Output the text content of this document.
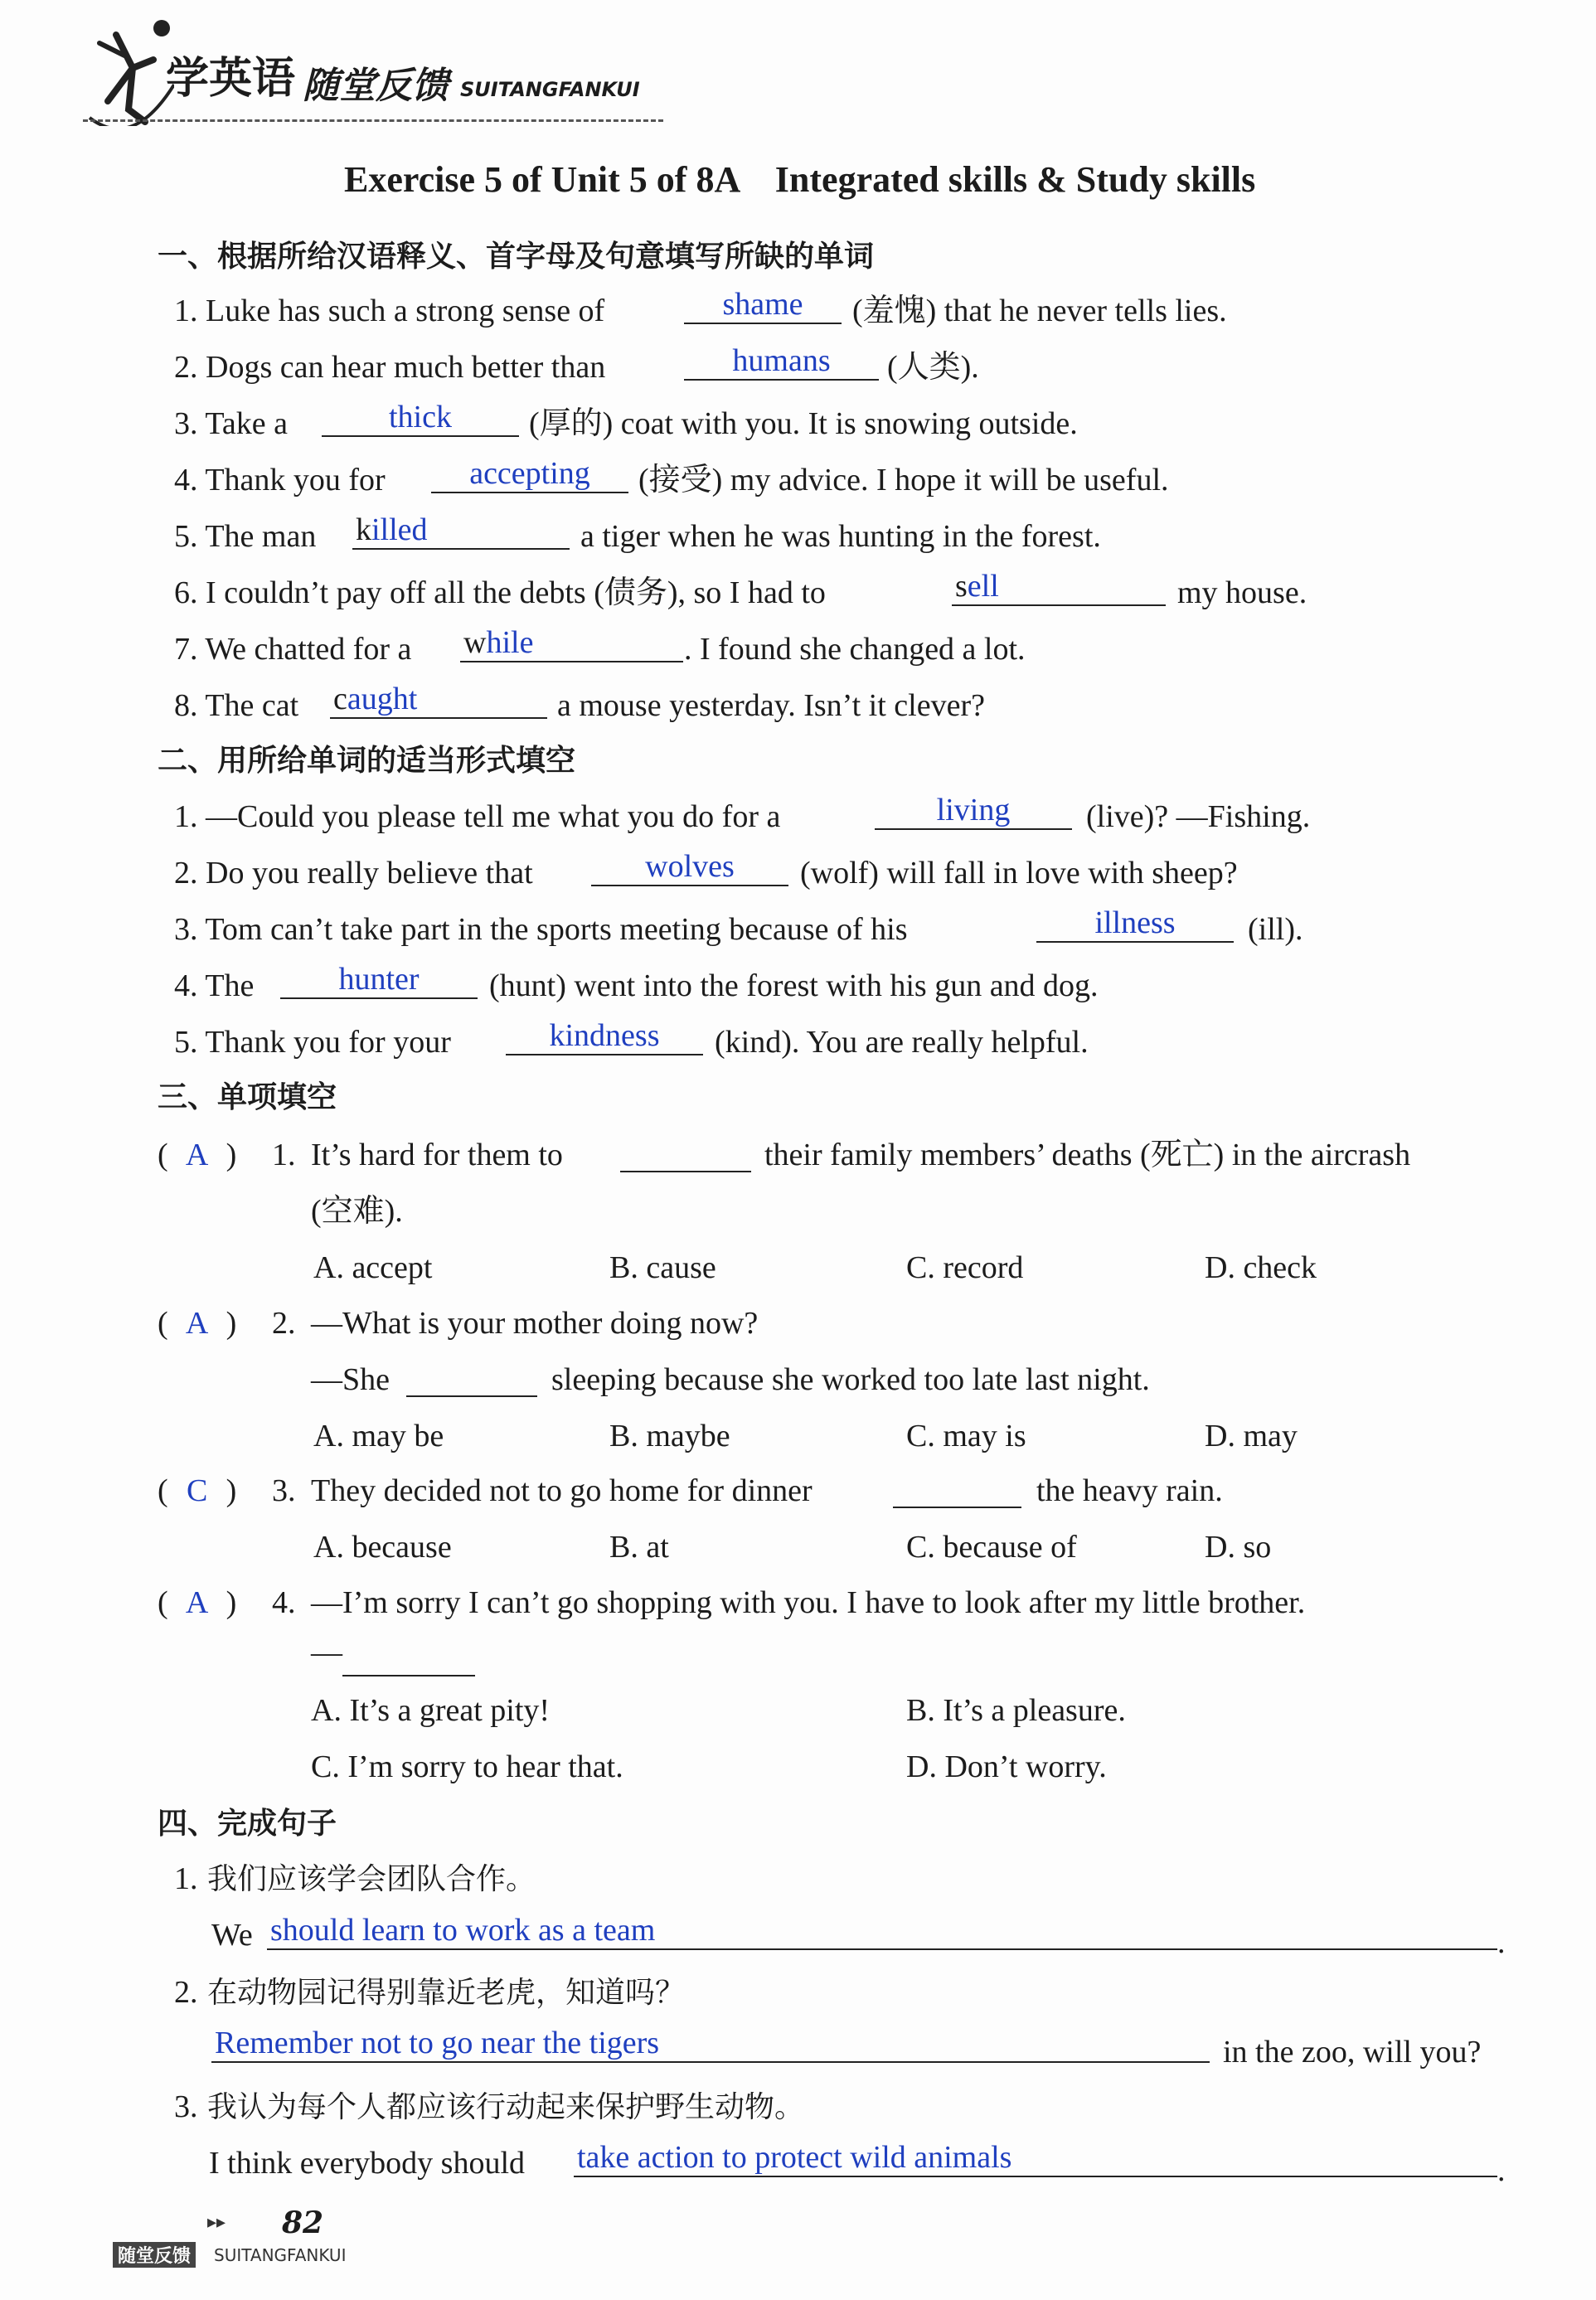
学英语 随堂反馈 SUITANGFANKUI
Exercise 5 of Unit 5 of 8A    Integrated skills & Study skills
一、根据所给汉语释义、首字母及句意填写所缺的单词
1. Luke has such a strong sense of	shame	(羞愧) that he never tells lies.
2. Dogs can hear much better than	humans	(人类).
3. Take a	thick	(厚的) coat with you. It is snowing outside.
4. Thank you for	accepting	(接受) my advice. I hope it will be useful.
5. The man killed	a tiger when he was hunting in the forest.
6. I couldn’t pay off all the debts (债务), so I had to	sell	my house.
7. We chatted for a while	. I found she changed a lot.
8. The cat caught	a mouse yesterday. Isn’t it clever?
二、用所给单词的适当形式填空
1. —Could you please tell me what you do for a	living	(live)? —Fishing.
2. Do you really believe that	wolves	(wolf) will fall in love with sheep?
3. Tom can’t take part in the sports meeting because of his	illness	(ill).
4. The	hunter	(hunt) went into the forest with his gun and dog.
5. Thank you for your	kindness	(kind). You are really helpful.
三、单项填空
( A ) 1. It’s hard for them to	their family members’ deaths (死亡) in the aircrash
(空难).
A. accept	B. cause	C. record	D. check
( A ) 2. —What is your mother doing now?
—She	sleeping because she worked too late last night.
A. may be	B. maybe	C. may is	D. may
( C ) 3. They decided not to go home for dinner	the heavy rain.
A. because	B. at	C. because of	D. so
( A ) 4. —I’m sorry I can’t go shopping with you. I have to look after my little brother.
—
A. It’s a great pity!	B. It’s a pleasure.
C. I’m sorry to hear that.	D. Don’t worry.
四、完成句子
1. 我们应该学会团队合作。
We should learn to work as a team	.
2. 在动物园记得别靠近老虎，知道吗？
Remember not to go near the tigers	in the zoo, will you?
3. 我认为每个人都应该行动起来保护野生动物。
I think everybody should take action to protect wild animals	.
▸▸ 82
随堂反馈	SUITANGFANKUI
